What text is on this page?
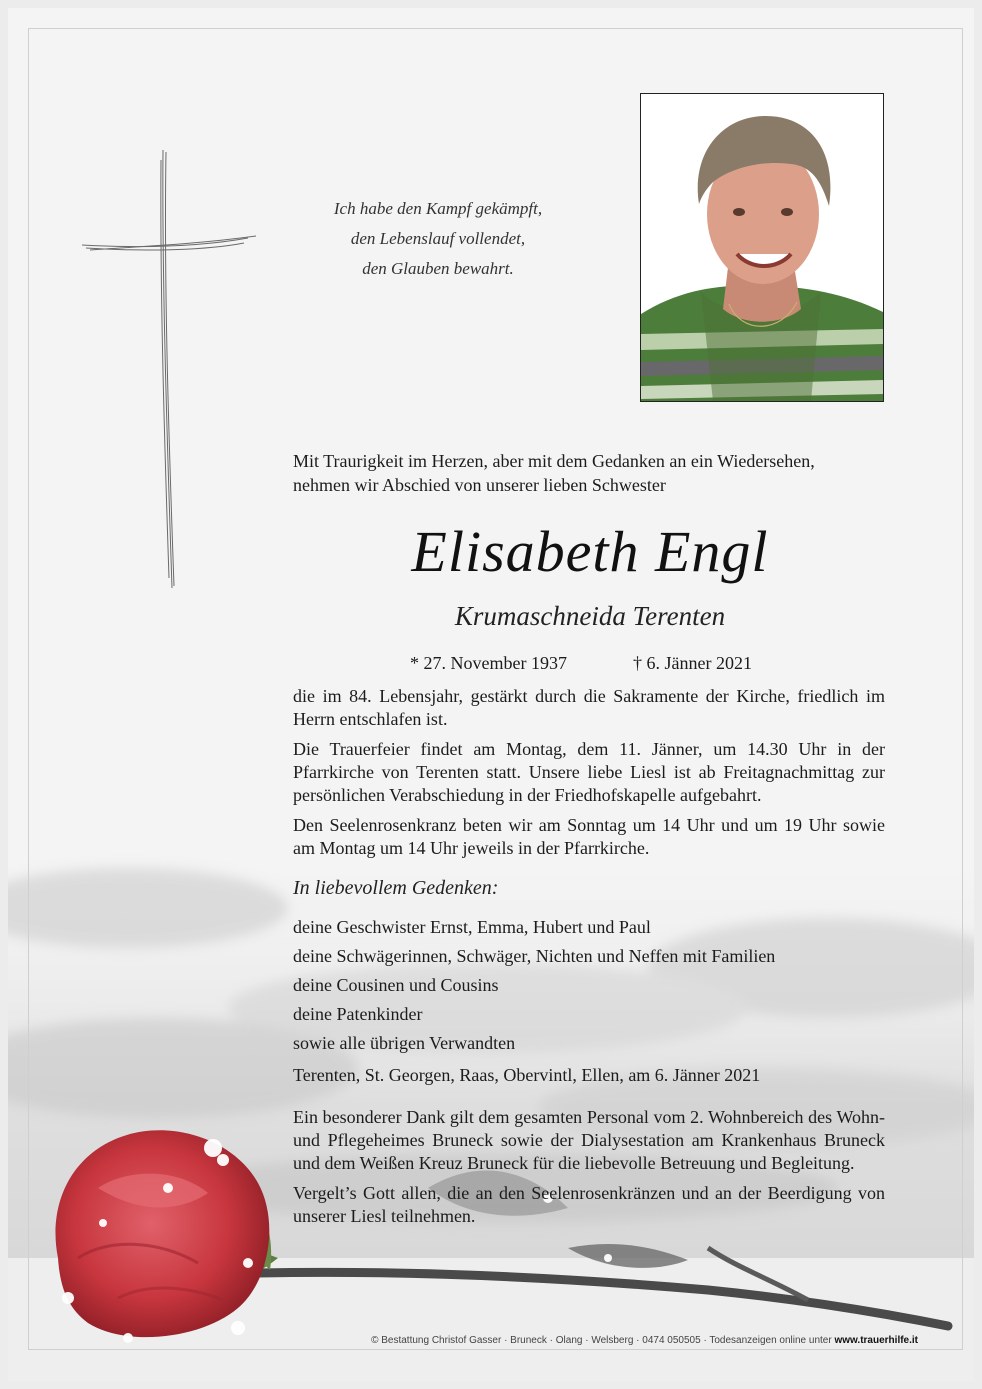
Ich habe den Kampf gekämpft,
den Lebenslauf vollendet,
den Glauben bewahrt.
Mit Traurigkeit im Herzen, aber mit dem Gedanken an ein Wiedersehen,
nehmen wir Abschied von unserer lieben Schwester
Elisabeth Engl
Krumaschneida Terenten
* 27. November 1937	† 6. Jänner 2021

die im 84. Lebensjahr, gestärkt durch die Sakramente der Kirche, friedlich im Herrn entschlafen ist.

Die Trauerfeier findet am Montag, dem 11. Jänner, um 14.30 Uhr in der Pfarrkirche von Terenten statt. Unsere liebe Liesl ist ab Freitagnachmittag zur persönlichen Verabschiedung in der Friedhofskapelle aufgebahrt.

Den Seelenrosenkranz beten wir am Sonntag um 14 Uhr und um 19 Uhr sowie am Montag um 14 Uhr jeweils in der Pfarrkirche.

In liebevollem Gedenken:
deine Geschwister Ernst, Emma, Hubert und Paul
deine Schwägerinnen, Schwäger, Nichten und Neffen mit Familien
deine Cousinen und Cousins
deine Patenkinder
sowie alle übrigen Verwandten
Terenten, St. Georgen, Raas, Obervintl, Ellen, am 6. Jänner 2021

Ein besonderer Dank gilt dem gesamten Personal vom 2. Wohnbereich des Wohn- und Pflegeheimes Bruneck sowie der Dialysestation am Krankenhaus Bruneck und dem Weißen Kreuz Bruneck für die liebevolle Betreuung und Begleitung.

Vergelt’s Gott allen, die an den Seelenrosenkränzen und an der Beerdigung von unserer Liesl teilnehmen.

© Bestattung Christof Gasser · Bruneck · Olang · Welsberg · 0474 050505 · Todesanzeigen online unter www.trauerhilfe.it
